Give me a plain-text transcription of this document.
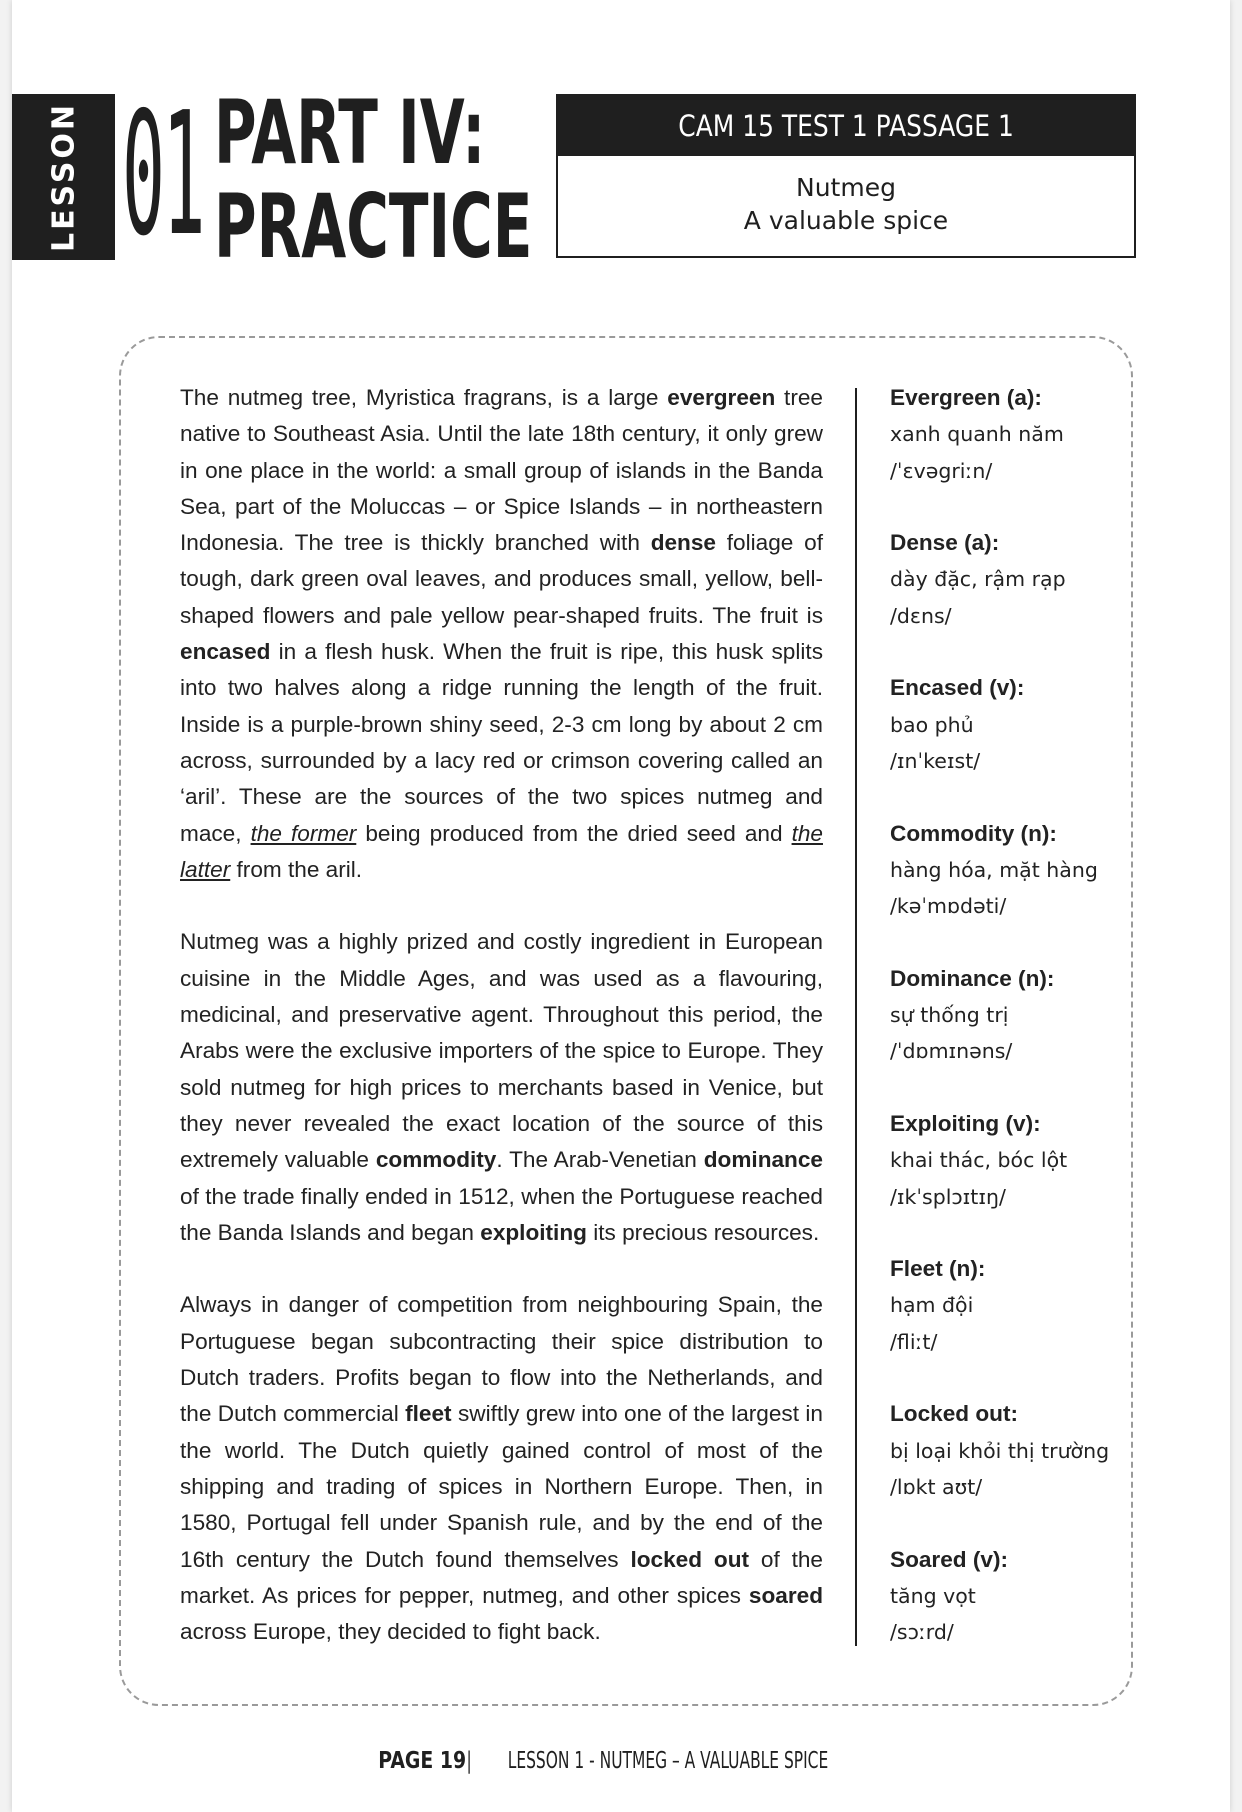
LESSON 01 PART IV:
PRACTICE
CAM 15 TEST 1 PASSAGE 1
Nutmeg
A valuable spice

The nutmeg tree, Myristica fragrans, is a large evergreen tree native to Southeast Asia. Until the late 18th century, it only grew in one place in the world: a small group of islands in the Banda Sea, part of the Moluccas – or Spice Islands – in northeastern Indonesia. The tree is thickly branched with dense foliage of tough, dark green oval leaves, and produces small, yellow, bell-shaped flowers and pale yellow pear-shaped fruits. The fruit is encased in a flesh husk. When the fruit is ripe, this husk splits into two halves along a ridge running the length of the fruit. Inside is a purple-brown shiny seed, 2-3 cm long by about 2 cm across, surrounded by a lacy red or crimson covering called an ‘aril’. These are the sources of the two spices nutmeg and mace, the former being produced from the dried seed and the latter from the aril.

Nutmeg was a highly prized and costly ingredient in European cuisine in the Middle Ages, and was used as a flavouring, medicinal, and preservative agent. Throughout this period, the Arabs were the exclusive importers of the spice to Europe. They sold nutmeg for high prices to merchants based in Venice, but they never revealed the exact location of the source of this extremely valuable commodity. The Arab-Venetian dominance of the trade finally ended in 1512, when the Portuguese reached the Banda Islands and began exploiting its precious resources.

Always in danger of competition from neighbouring Spain, the Portuguese began subcontracting their spice distribution to Dutch traders. Profits began to flow into the Netherlands, and the Dutch commercial fleet swiftly grew into one of the largest in the world. The Dutch quietly gained control of most of the shipping and trading of spices in Northern Europe. Then, in 1580, Portugal fell under Spanish rule, and by the end of the 16th century the Dutch found themselves locked out of the market. As prices for pepper, nutmeg, and other spices soared across Europe, they decided to fight back.

Evergreen (a):
xanh quanh năm
/ˈɛvəgriːn/
Dense (a):
dày đặc, rậm rạp
/dɛns/
Encased (v):
bao phủ
/ɪnˈkeɪst/
Commodity (n):
hàng hóa, mặt hàng
/kəˈmɒdəti/
Dominance (n):
sự thống trị
/ˈdɒmɪnəns/
Exploiting (v):
khai thác, bóc lột
/ɪkˈsplɔɪtɪŋ/
Fleet (n):
hạm đội
/fliːt/
Locked out:
bị loại khỏi thị trường
/lɒkt aʊt/
Soared (v):
tăng vọt
/sɔːrd/
PAGE 19|LESSON 1 - NUTMEG – A VALUABLE SPICE
